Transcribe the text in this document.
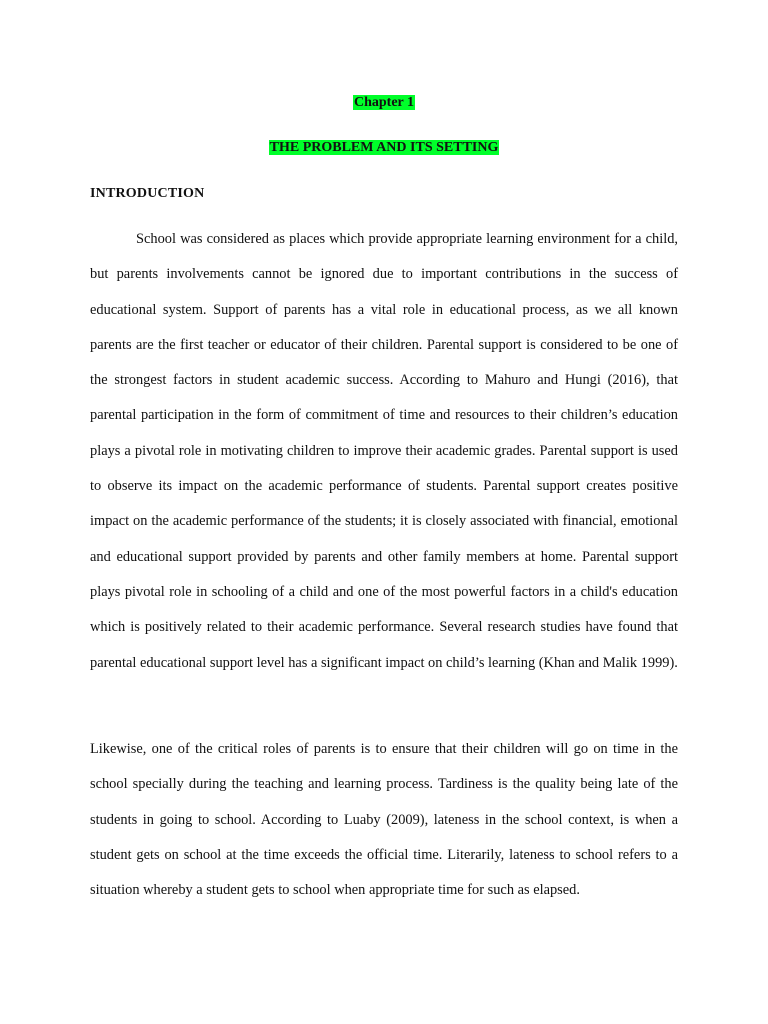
Chapter 1
THE PROBLEM AND ITS SETTING
INTRODUCTION

School was considered as places which provide appropriate learning environment for a child, but parents involvements cannot be ignored due to important contributions in the success of educational system. Support of parents has a vital role in educational process, as we all known parents are the first teacher or educator of their children. Parental support is considered to be one of the strongest factors in student academic success. According to Mahuro and Hungi (2016), that parental participation in the form of commitment of time and resources to their children’s education plays a pivotal role in motivating children to improve their academic grades. Parental support is used to observe its impact on the academic performance of students. Parental support creates positive impact on the academic performance of the students; it is closely associated with financial, emotional and educational support provided by parents and other family members at home. Parental support plays pivotal role in schooling of a child and one of the most powerful factors in a child's education which is positively related to their academic performance. Several research studies have found that parental educational support level has a significant impact on child’s learning (Khan and Malik 1999).

Likewise, one of the critical roles of parents is to ensure that their children will go on time in the school specially during the teaching and learning process. Tardiness is the quality being late of the students in going to school. According to Luaby (2009), lateness in the school context, is when a student gets on school at the time exceeds the official time. Literarily, lateness to school refers to a situation whereby a student gets to school when appropriate time for such as elapsed.
